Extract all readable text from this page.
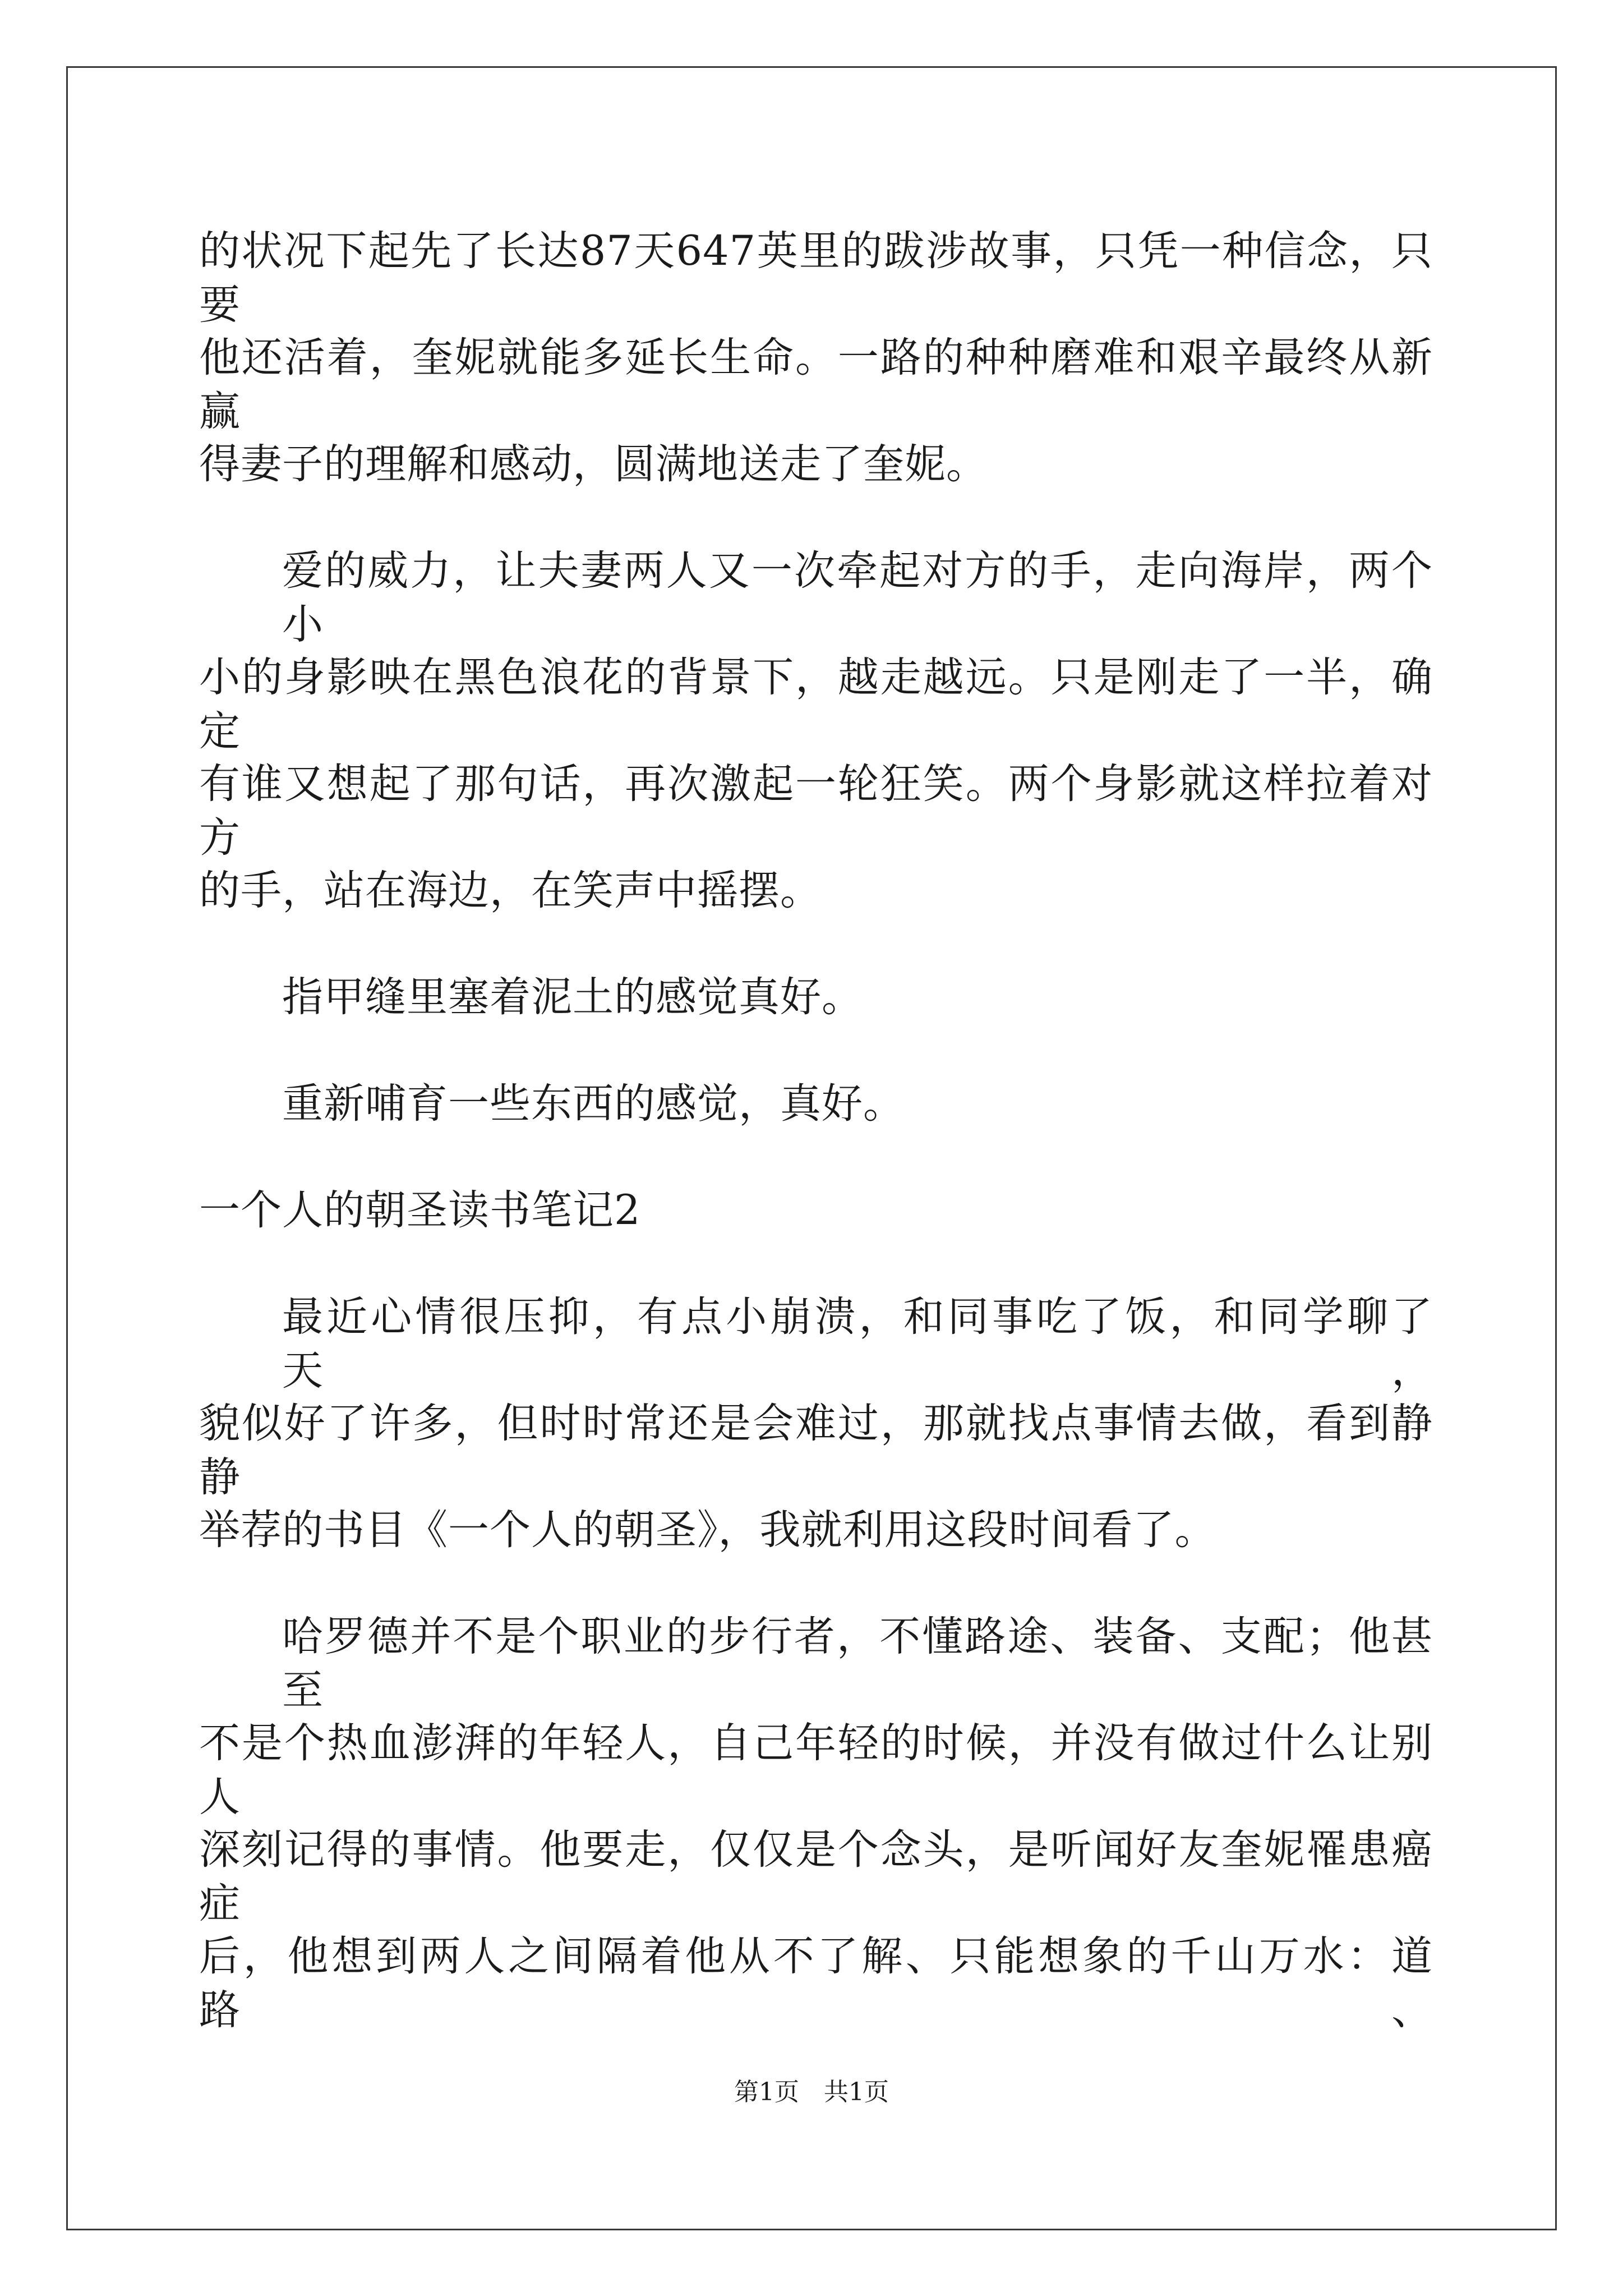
的状况下起先了长达87天647英里的跋涉故事，只凭一种信念，只要
他还活着，奎妮就能多延长生命。一路的种种磨难和艰辛最终从新赢
得妻子的理解和感动，圆满地送走了奎妮。
爱的威力，让夫妻两人又一次牵起对方的手，走向海岸，两个小
小的身影映在黑色浪花的背景下，越走越远。只是刚走了一半，确定
有谁又想起了那句话，再次激起一轮狂笑。两个身影就这样拉着对方
的手，站在海边，在笑声中摇摆。
指甲缝里塞着泥土的感觉真好。
重新哺育一些东西的感觉，真好。
一个人的朝圣读书笔记2
最近心情很压抑，有点小崩溃，和同事吃了饭，和同学聊了天，
貌似好了许多，但时时常还是会难过，那就找点事情去做，看到静静
举荐的书目《一个人的朝圣》，我就利用这段时间看了。
哈罗德并不是个职业的步行者，不懂路途、装备、支配；他甚至
不是个热血澎湃的年轻人，自己年轻的时候，并没有做过什么让别人
深刻记得的事情。他要走，仅仅是个念头，是听闻好友奎妮罹患癌症
后，他想到两人之间隔着他从不了解、只能想象的千山万水：道路、
第1页　共1页
